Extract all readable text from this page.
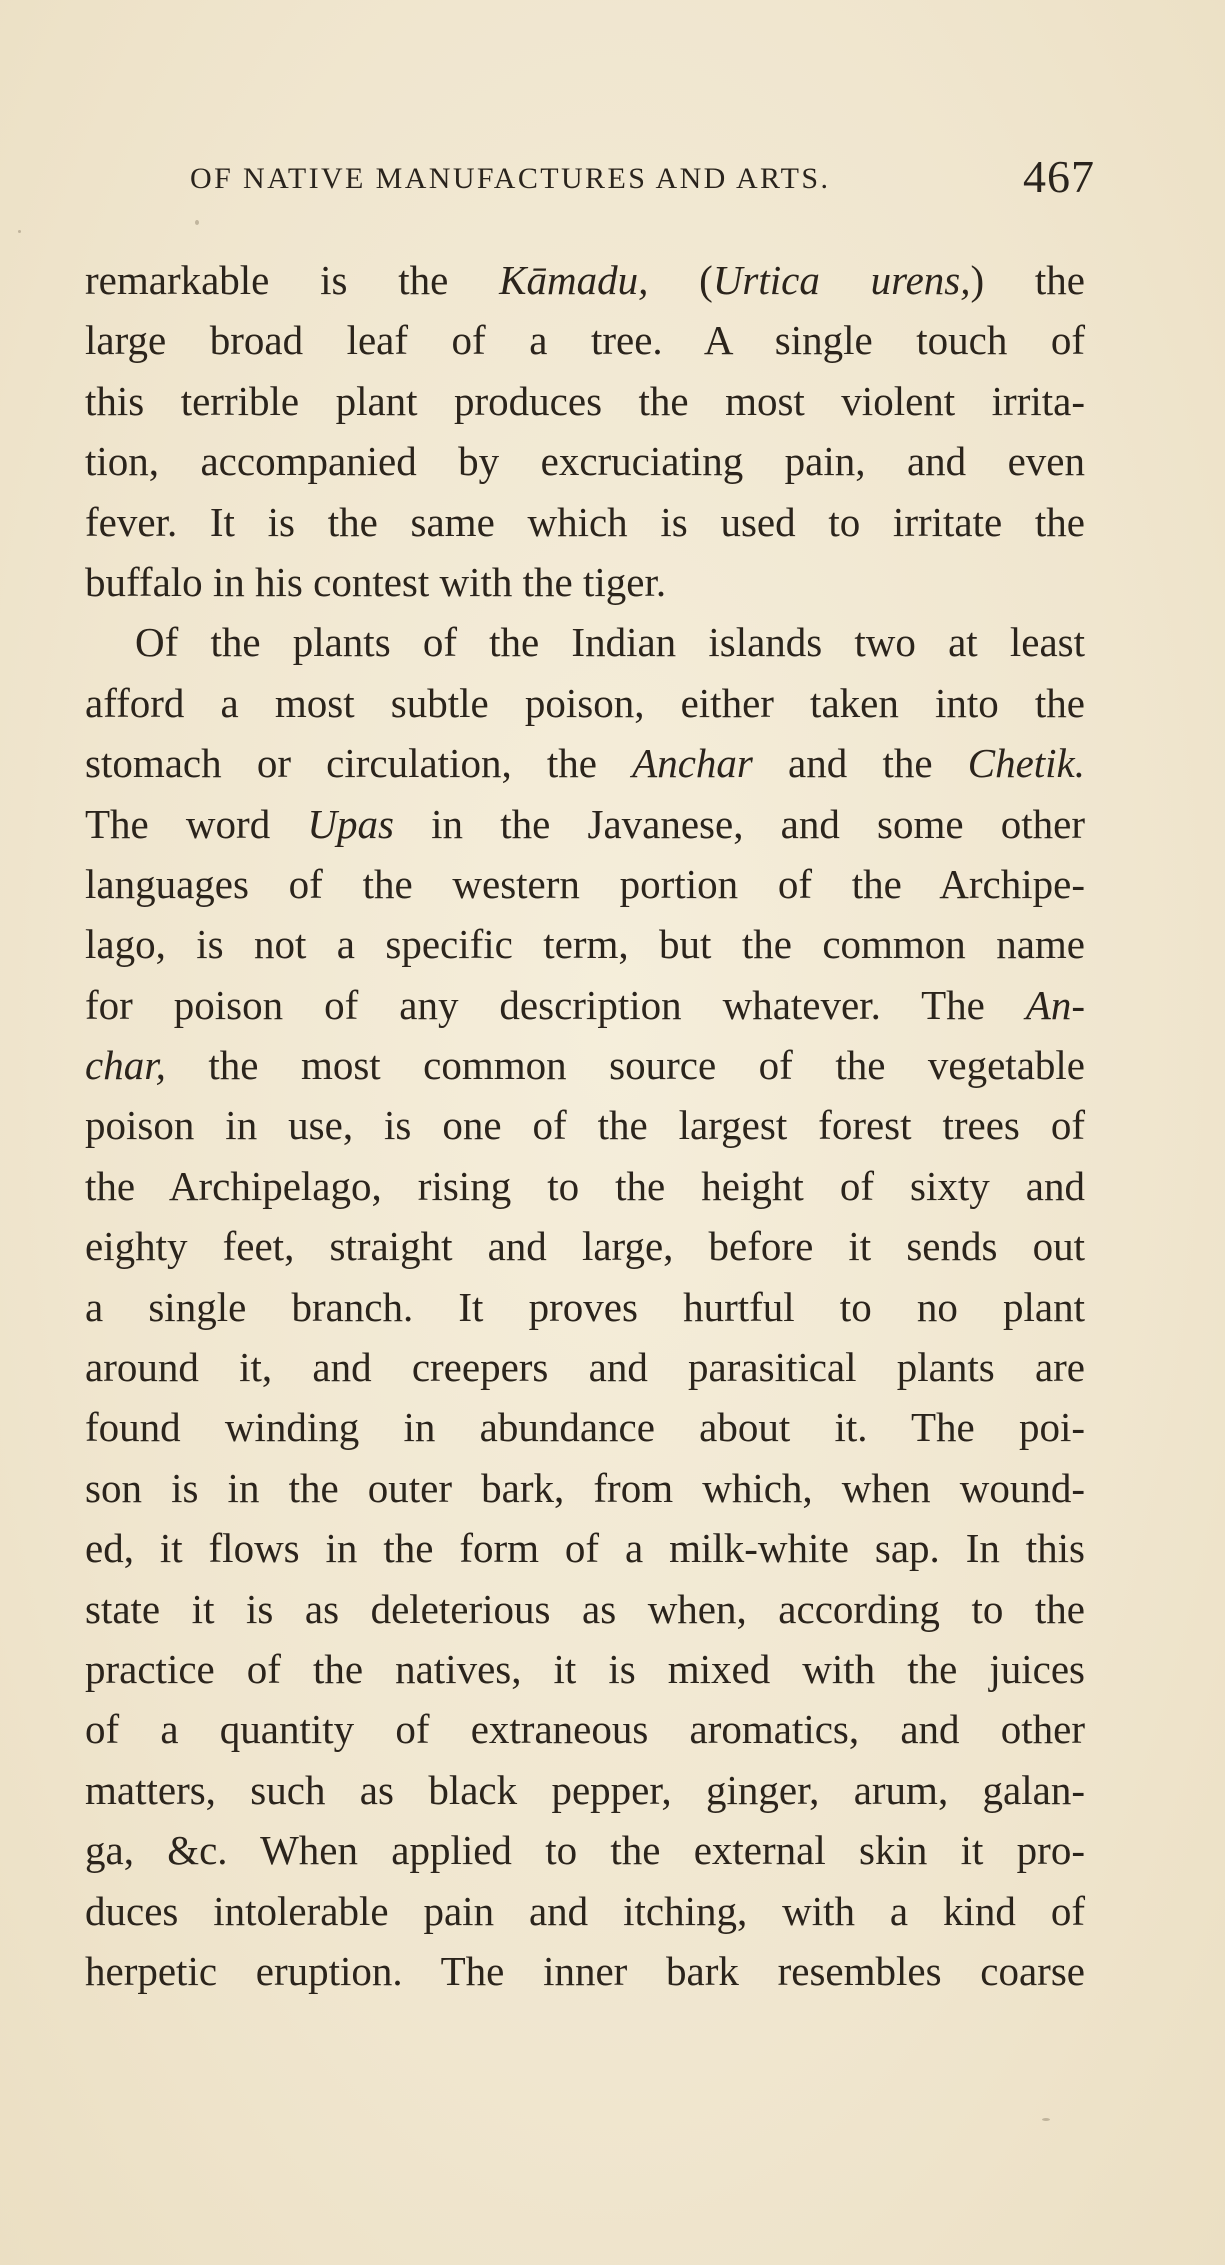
OF NATIVE MANUFACTURES AND ARTS.	467
remarkable is the Kāmadu, (Urtica urens,) the
large broad leaf of a tree. A single touch of
this terrible plant produces the most violent irrita-
tion, accompanied by excruciating pain, and even
fever. It is the same which is used to irritate the
buffalo in his contest with the tiger.
Of the plants of the Indian islands two at least
afford a most subtle poison, either taken into the
stomach or circulation, the Anchar and the Chetik.
The word Upas in the Javanese, and some other
languages of the western portion of the Archipe-
lago, is not a specific term, but the common name
for poison of any description whatever. The An-
char, the most common source of the vegetable
poison in use, is one of the largest forest trees of
the Archipelago, rising to the height of sixty and
eighty feet, straight and large, before it sends out
a single branch. It proves hurtful to no plant
around it, and creepers and parasitical plants are
found winding in abundance about it. The poi-
son is in the outer bark, from which, when wound-
ed, it flows in the form of a milk-white sap. In this
state it is as deleterious as when, according to the
practice of the natives, it is mixed with the juices
of a quantity of extraneous aromatics, and other
matters, such as black pepper, ginger, arum, galan-
ga, &c. When applied to the external skin it pro-
duces intolerable pain and itching, with a kind of
herpetic eruption. The inner bark resembles coarse
